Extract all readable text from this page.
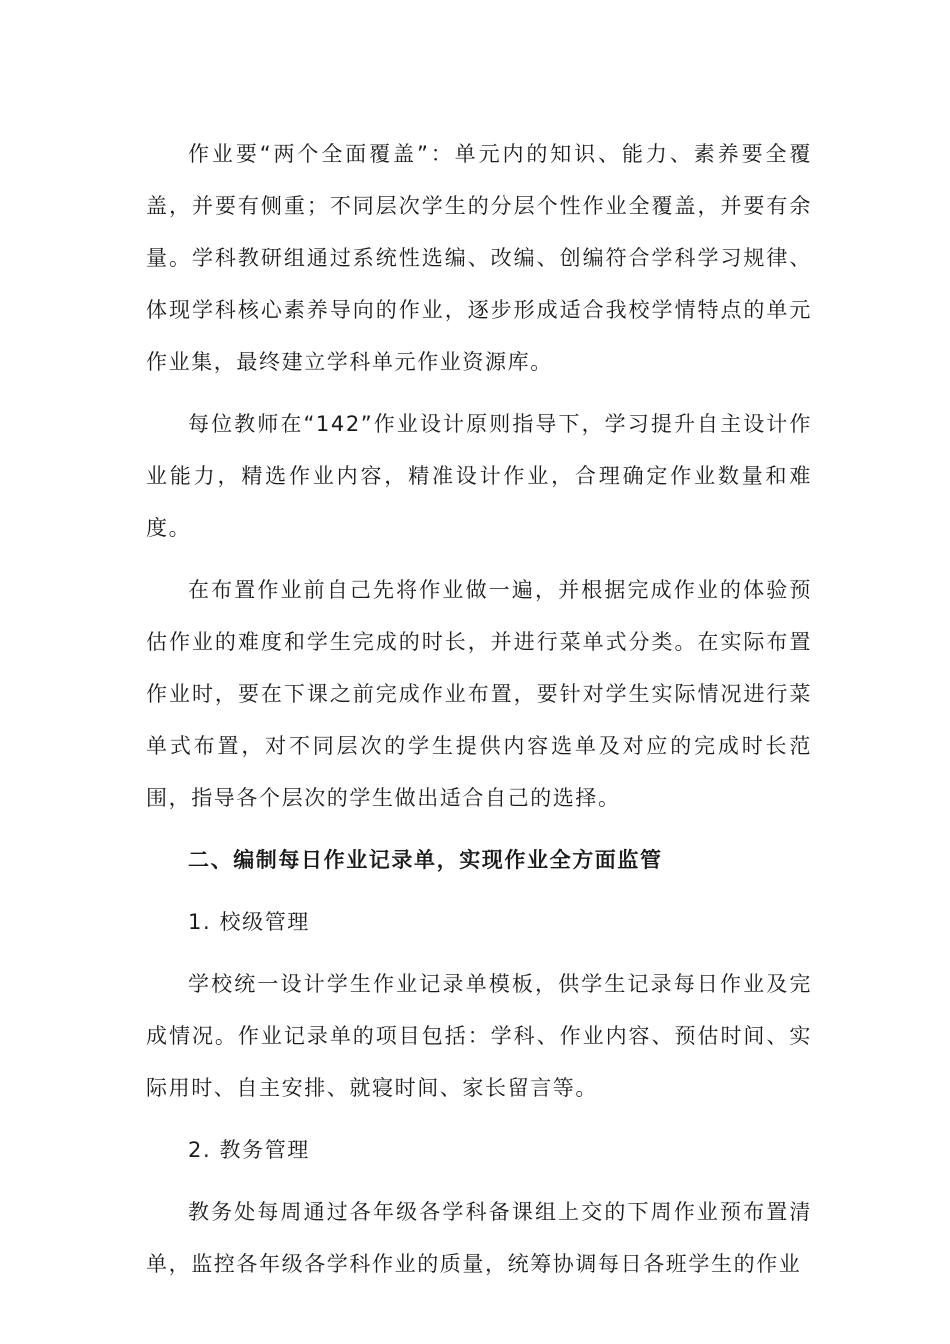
作业要“两个全面覆盖”：单元内的知识、能力、素养要全覆盖，并要有侧重；不同层次学生的分层个性作业全覆盖，并要有余量。学科教研组通过系统性选编、改编、创编符合学科学习规律、体现学科核心素养导向的作业，逐步形成适合我校学情特点的单元作业集，最终建立学科单元作业资源库。

每位教师在“142”作业设计原则指导下，学习提升自主设计作业能力，精选作业内容，精准设计作业，合理确定作业数量和难度。

在布置作业前自己先将作业做一遍，并根据完成作业的体验预估作业的难度和学生完成的时长，并进行菜单式分类。在实际布置作业时，要在下课之前完成作业布置，要针对学生实际情况进行菜单式布置，对不同层次的学生提供内容选单及对应的完成时长范围，指导各个层次的学生做出适合自己的选择。

二、编制每日作业记录单，实现作业全方面监管

1. 校级管理

学校统一设计学生作业记录单模板，供学生记录每日作业及完成情况。作业记录单的项目包括：学科、作业内容、预估时间、实际用时、自主安排、就寝时间、家长留言等。

2. 教务管理

教务处每周通过各年级各学科备课组上交的下周作业预布置清单，监控各年级各学科作业的质量，统筹协调每日各班学生的作业
